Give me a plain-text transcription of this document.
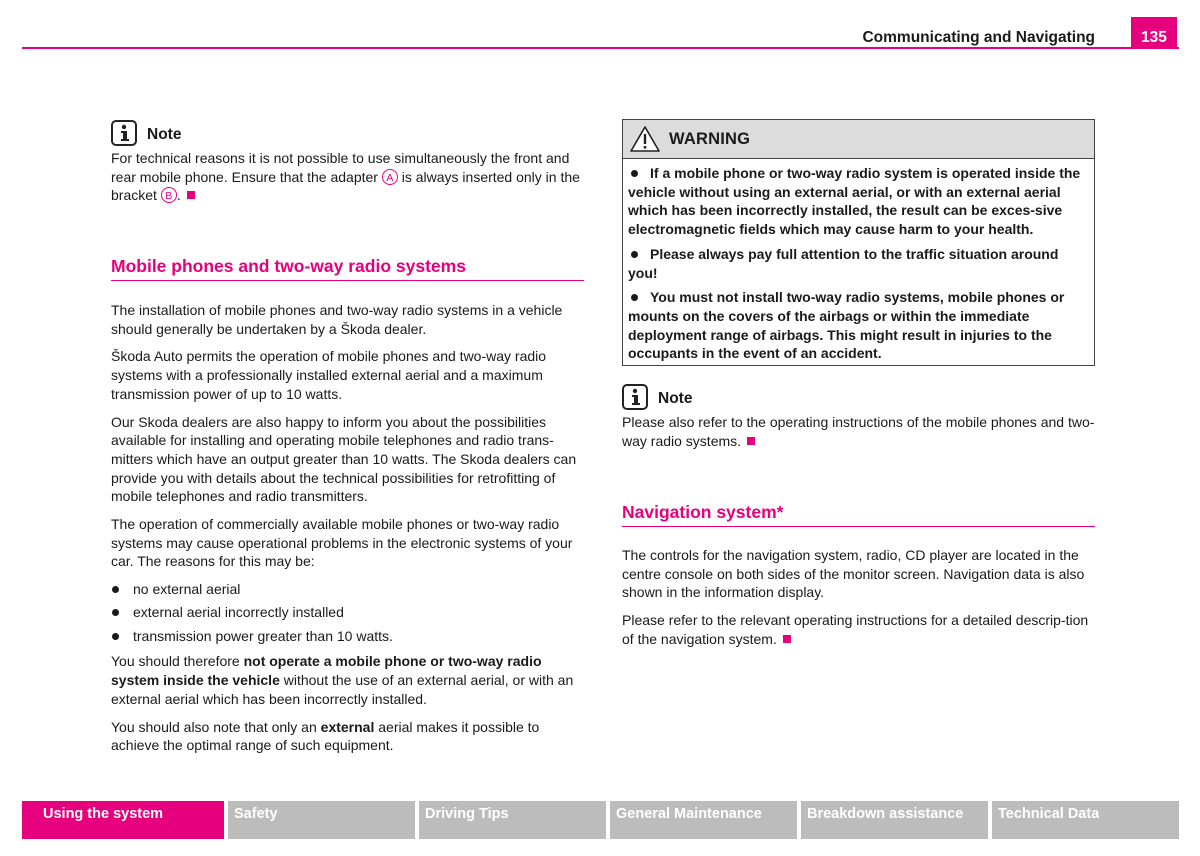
Communicating and Navigating	135
Note

For technical reasons it is not possible to use simultaneously the front and rear mobile phone. Ensure that the adapter A is always inserted only in the bracket B .

Mobile phones and two-way radio systems

The installation of mobile phones and two-way radio systems in a vehicle should generally be undertaken by a Škoda dealer.

Škoda Auto permits the operation of mobile phones and two-way radio systems with a professionally installed external aerial and a maximum transmission power of up to 10 watts.

Our Skoda dealers are also happy to inform you about the possibilities available for installing and operating mobile telephones and radio trans-mitters which have an output greater than 10 watts. The Skoda dealers can provide you with details about the technical possibilities for retrofitting of mobile telephones and radio transmitters.

The operation of commercially available mobile phones or two-way radio systems may cause operational problems in the electronic systems of your car. The reasons for this may be:

no external aerial
external aerial incorrectly installed
transmission power greater than 10 watts.

You should therefore not operate a mobile phone or two-way radio system inside the vehicle without the use of an external aerial, or with an external aerial which has been incorrectly installed.

You should also note that only an external aerial makes it possible to achieve the optimal range of such equipment.

WARNING
If a mobile phone or two-way radio system is operated inside the vehicle without using an external aerial, or with an external aerial which has been incorrectly installed, the result can be exces-sive electromagnetic fields which may cause harm to your health.
Please always pay full attention to the traffic situation around you!
You must not install two-way radio systems, mobile phones or mounts on the covers of the airbags or within the immediate deployment range of airbags. This might result in injuries to the occupants in the event of an accident.
Note

Please also refer to the operating instructions of the mobile phones and two-way radio systems.

Navigation system*

The controls for the navigation system, radio, CD player are located in the centre console on both sides of the monitor screen. Navigation data is also shown in the information display.

Please refer to the relevant operating instructions for a detailed descrip-tion of the navigation system.

Using the system	Safety	Driving Tips	General Maintenance	Breakdown assistance	Technical Data
